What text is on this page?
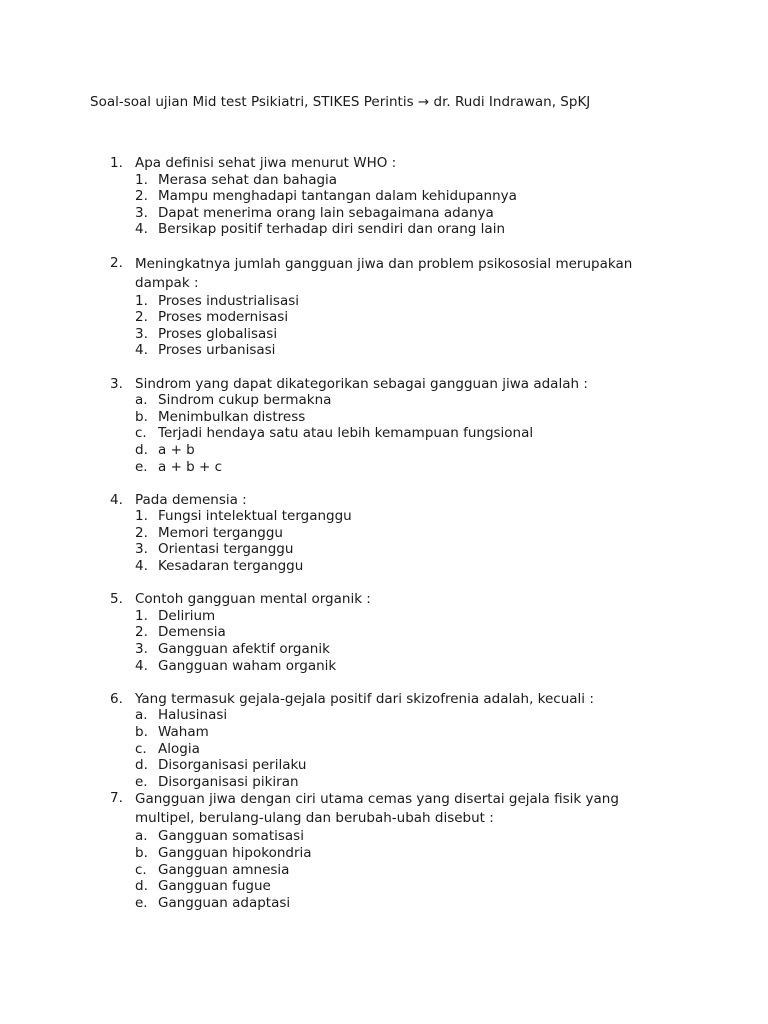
Soal-soal ujian Mid test Psikiatri, STIKES Perintis → dr. Rudi Indrawan, SpKJ
1. Apa definisi sehat jiwa menurut WHO :
1. Merasa sehat dan bahagia
2. Mampu menghadapi tantangan dalam kehidupannya
3. Dapat menerima orang lain sebagaimana adanya
4. Bersikap positif terhadap diri sendiri dan orang lain
2. Meningkatnya jumlah gangguan jiwa dan problem psikososial merupakan dampak :
1. Proses industrialisasi
2. Proses modernisasi
3. Proses globalisasi
4. Proses urbanisasi
3. Sindrom yang dapat dikategorikan sebagai gangguan jiwa adalah :
a. Sindrom cukup bermakna
b. Menimbulkan distress
c. Terjadi hendaya satu atau lebih kemampuan fungsional
d. a + b
e. a + b + c
4. Pada demensia :
1. Fungsi intelektual terganggu
2. Memori terganggu
3. Orientasi terganggu
4. Kesadaran terganggu
5. Contoh gangguan mental organik :
1. Delirium
2. Demensia
3. Gangguan afektif organik
4. Gangguan waham organik
6. Yang termasuk gejala-gejala positif dari skizofrenia adalah, kecuali :
a. Halusinasi
b. Waham
c. Alogia
d. Disorganisasi perilaku
e. Disorganisasi pikiran
7. Gangguan jiwa dengan ciri utama cemas yang disertai gejala fisik yang multipel, berulang-ulang dan berubah-ubah disebut :
a. Gangguan somatisasi
b. Gangguan hipokondria
c. Gangguan amnesia
d. Gangguan fugue
e. Gangguan adaptasi
